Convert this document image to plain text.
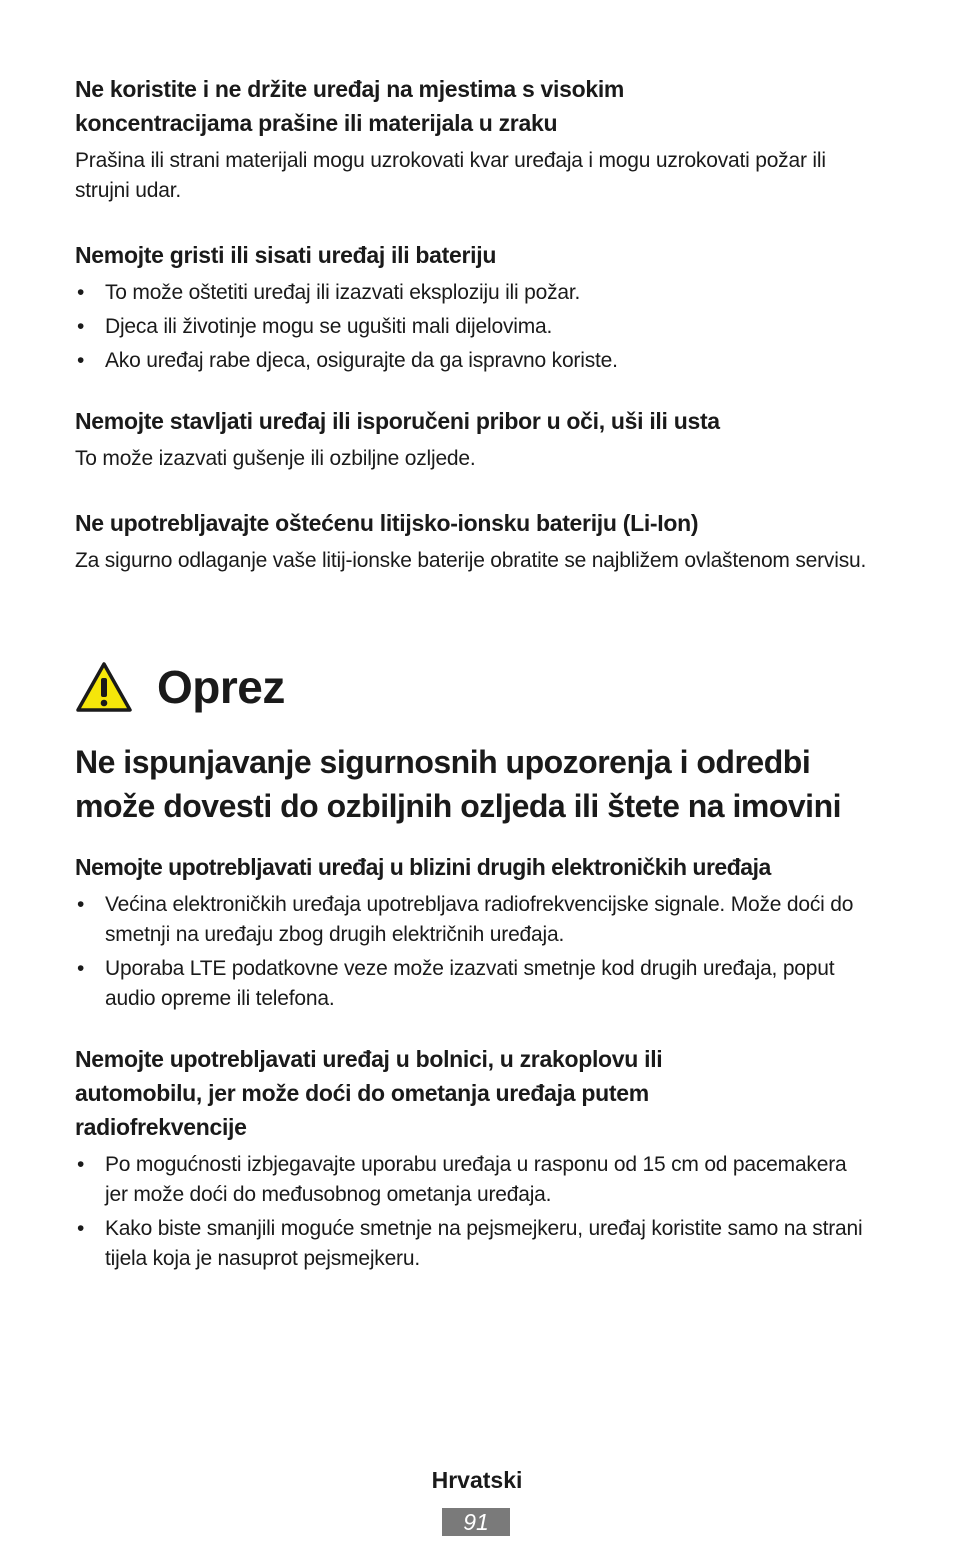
Ne koristite i ne držite uređaj na mjestima s visokim koncentracijama prašine ili materijala u zraku

Prašina ili strani materijali mogu uzrokovati kvar uređaja i mogu uzrokovati požar ili strujni udar.

Nemojte gristi ili sisati uređaj ili bateriju

• To može oštetiti uređaj ili izazvati eksploziju ili požar.
• Djeca ili životinje mogu se ugušiti mali dijelovima.
• Ako uređaj rabe djeca, osigurajte da ga ispravno koriste.

Nemojte stavljati uređaj ili isporučeni pribor u oči, uši ili usta

To može izazvati gušenje ili ozbiljne ozljede.

Ne upotrebljavajte oštećenu litijsko-ionsku bateriju (Li-Ion)

Za sigurno odlaganje vaše litij-ionske baterije obratite se najbližem ovlaštenom servisu.

Oprez

Ne ispunjavanje sigurnosnih upozorenja i odredbi može dovesti do ozbiljnih ozljeda ili štete na imovini

Nemojte upotrebljavati uređaj u blizini drugih elektroničkih uređaja

• Većina elektroničkih uređaja upotrebljava radiofrekvencijske signale. Može doći do smetnji na uređaju zbog drugih električnih uređaja.
• Uporaba LTE podatkovne veze može izazvati smetnje kod drugih uređaja, poput audio opreme ili telefona.

Nemojte upotrebljavati uređaj u bolnici, u zrakoplovu ili automobilu, jer može doći do ometanja uređaja putem radiofrekvencije

• Po mogućnosti izbjegavajte uporabu uređaja u rasponu od 15 cm od pacemakera jer može doći do međusobnog ometanja uređaja.
• Kako biste smanjili moguće smetnje na pejsmejkeru, uređaj koristite samo na strani tijela koja je nasuprot pejsmejkeru.
Hrvatski
91
